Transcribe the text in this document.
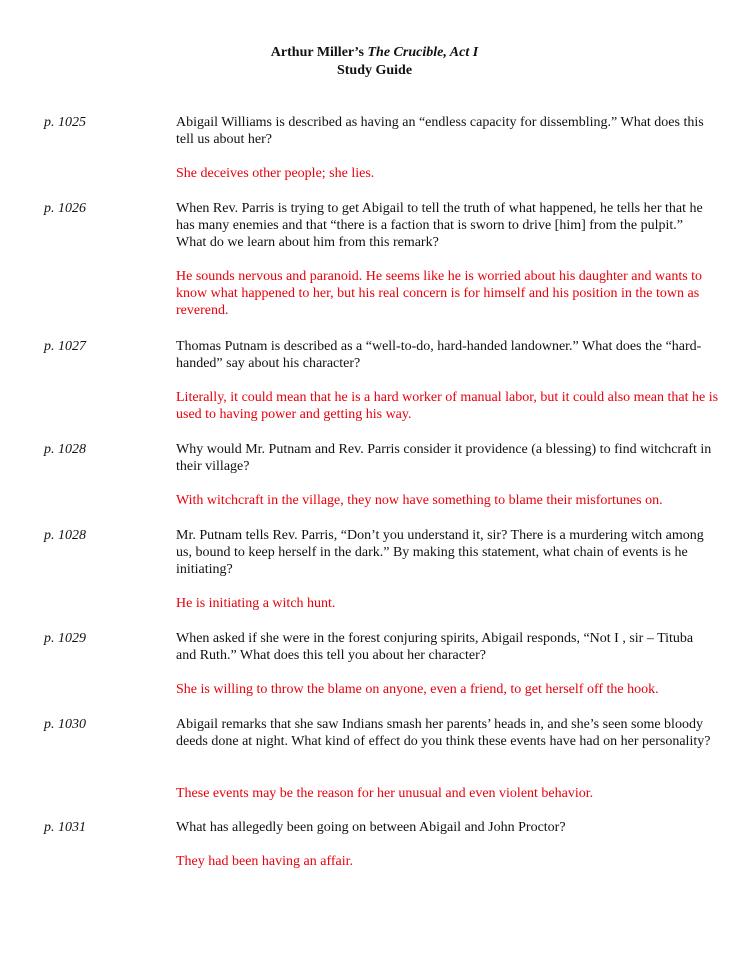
Arthur Miller’s The Crucible, Act I
Study Guide
p. 1025	Abigail Williams is described as having an “endless capacity for dissembling.” What does this tell us about her?
She deceives other people; she lies.
p. 1026	When Rev. Parris is trying to get Abigail to tell the truth of what happened, he tells her that he has many enemies and that “there is a faction that is sworn to drive [him] from the pulpit.” What do we learn about him from this remark?
He sounds nervous and paranoid. He seems like he is worried about his daughter and wants to know what happened to her, but his real concern is for himself and his position in the town as reverend.
p. 1027	Thomas Putnam is described as a “well-to-do, hard-handed landowner.” What does the “hard-handed” say about his character?
Literally, it could mean that he is a hard worker of manual labor, but it could also mean that he is used to having power and getting his way.
p. 1028	Why would Mr. Putnam and Rev. Parris consider it providence (a blessing) to find witchcraft in their village?
With witchcraft in the village, they now have something to blame their misfortunes on.
p. 1028	Mr. Putnam tells Rev. Parris, “Don’t you understand it, sir? There is a murdering witch among us, bound to keep herself in the dark.” By making this statement, what chain of events is he initiating?
He is initiating a witch hunt.
p. 1029	When asked if she were in the forest conjuring spirits, Abigail responds, “Not I , sir – Tituba and Ruth.” What does this tell you about her character?
She is willing to throw the blame on anyone, even a friend, to get herself off the hook.
p. 1030	Abigail remarks that she saw Indians smash her parents’ heads in, and she’s seen some bloody deeds done at night. What kind of effect do you think these events have had on her personality?
These events may be the reason for her unusual and even violent behavior.
p. 1031	What has allegedly been going on between Abigail and John Proctor?
They had been having an affair.
